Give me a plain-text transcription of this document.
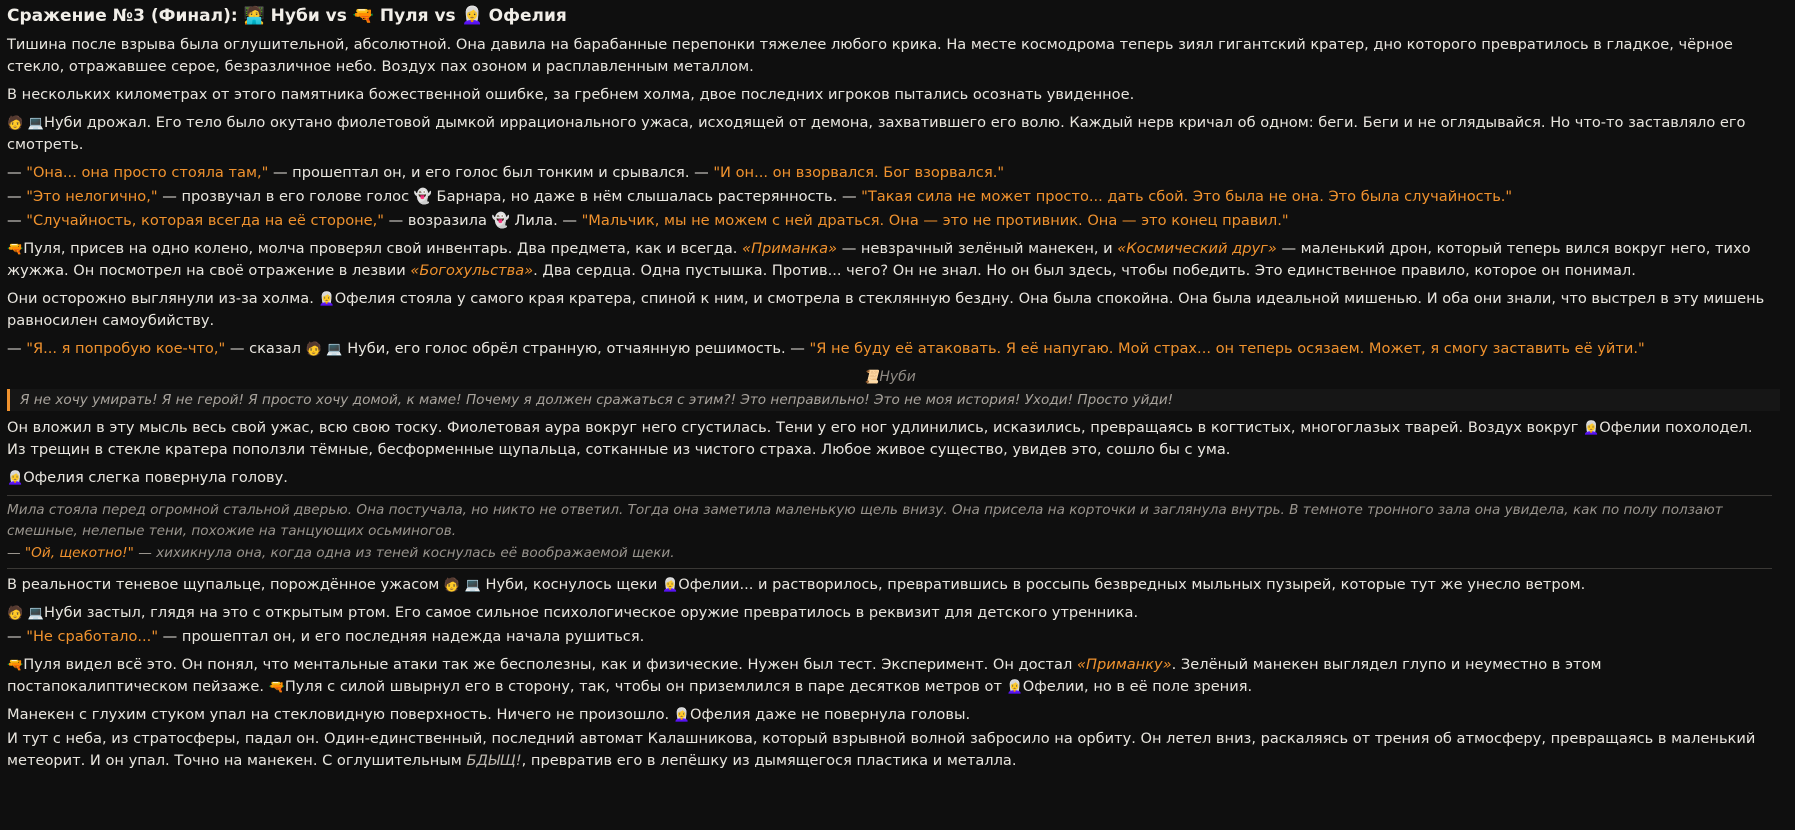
Сражение №3 (Финал): 🧑‍💻 Нуби vs 🔫 Пуля vs 👩‍🦳 Офелия

Тишина после взрыва была оглушительной, абсолютной. Она давила на барабанные перепонки тяжелее любого крика. На месте космодрома теперь зиял гигантский кратер, дно которого превратилось в гладкое, чёрное стекло, отражавшее серое, безразличное небо. Воздух пах озоном и расплавленным металлом.

В нескольких километрах от этого памятника божественной ошибке, за гребнем холма, двое последних игроков пытались осознать увиденное.

🧑 💻Нуби дрожал. Его тело было окутано фиолетовой дымкой иррационального ужаса, исходящей от демона, захватившего его волю. Каждый нерв кричал об одном: беги. Беги и не оглядывайся. Но что-то заставляло его смотреть.

— "Она... она просто стояла там," — прошептал он, и его голос был тонким и срывался. — "И он... он взорвался. Бог взорвался."

— "Это нелогично," — прозвучал в его голове голос 👻 Барнара, но даже в нём слышалась растерянность. — "Такая сила не может просто... дать сбой. Это была не она. Это была случайность."

— "Случайность, которая всегда на её стороне," — возразила 👻 Лила. — "Мальчик, мы не можем с ней драться. Она — это не противник. Она — это конец правил."

🔫Пуля, присев на одно колено, молча проверял свой инвентарь. Два предмета, как и всегда. «Приманка» — невзрачный зелёный манекен, и «Космический друг» — маленький дрон, который теперь вился вокруг него, тихо жужжа. Он посмотрел на своё отражение в лезвии «Богохульства». Два сердца. Одна пустышка. Против... чего? Он не знал. Но он был здесь, чтобы победить. Это единственное правило, которое он понимал.

Они осторожно выглянули из-за холма. 👩‍🦳Офелия стояла у самого края кратера, спиной к ним, и смотрела в стеклянную бездну. Она была спокойна. Она была идеальной мишенью. И оба они знали, что выстрел в эту мишень равносилен самоубийству.

— "Я... я попробую кое-что," — сказал 🧑 💻 Нуби, его голос обрёл странную, отчаянную решимость. — "Я не буду её атаковать. Я её напугаю. Мой страх... он теперь осязаем. Может, я смогу заставить её уйти."

📜Нуби
Я не хочу умирать! Я не герой! Я просто хочу домой, к маме! Почему я должен сражаться с этим?! Это неправильно! Это не моя история! Уходи! Просто уйди!

Он вложил в эту мысль весь свой ужас, всю свою тоску. Фиолетовая аура вокруг него сгустилась. Тени у его ног удлинились, исказились, превращаясь в когтистых, многоглазых тварей. Воздух вокруг 👩‍🦳Офелии похолодел. Из трещин в стекле кратера поползли тёмные, бесформенные щупальца, сотканные из чистого страха. Любое живое существо, увидев это, сошло бы с ума.

👩‍🦳Офелия слегка повернула голову.

Мила стояла перед огромной стальной дверью. Она постучала, но никто не ответил. Тогда она заметила маленькую щель внизу. Она присела на корточки и заглянула внутрь. В темноте тронного зала она увидела, как по полу ползают смешные, нелепые тени, похожие на танцующих осьминогов.
— "Ой, щекотно!" — хихикнула она, когда одна из теней коснулась её воображаемой щеки.

В реальности теневое щупальце, порождённое ужасом 🧑 💻 Нуби, коснулось щеки 👩‍🦳Офелии... и растворилось, превратившись в россыпь безвредных мыльных пузырей, которые тут же унесло ветром.

🧑 💻Нуби застыл, глядя на это с открытым ртом. Его самое сильное психологическое оружие превратилось в реквизит для детского утренника.

— "Не сработало..." — прошептал он, и его последняя надежда начала рушиться.

🔫Пуля видел всё это. Он понял, что ментальные атаки так же бесполезны, как и физические. Нужен был тест. Эксперимент. Он достал «Приманку». Зелёный манекен выглядел глупо и неуместно в этом постапокалиптическом пейзаже. 🔫Пуля с силой швырнул его в сторону, так, чтобы он приземлился в паре десятков метров от 👩‍🦳Офелии, но в её поле зрения.

Манекен с глухим стуком упал на стекловидную поверхность. Ничего не произошло. 👩‍🦳Офелия даже не повернула головы.

И тут с неба, из стратосферы, падал он. Один-единственный, последний автомат Калашникова, который взрывной волной забросило на орбиту. Он летел вниз, раскаляясь от трения об атмосферу, превращаясь в маленький метеорит. И он упал. Точно на манекен. С оглушительным БДЫЩ!, превратив его в лепёшку из дымящегося пластика и металла.
